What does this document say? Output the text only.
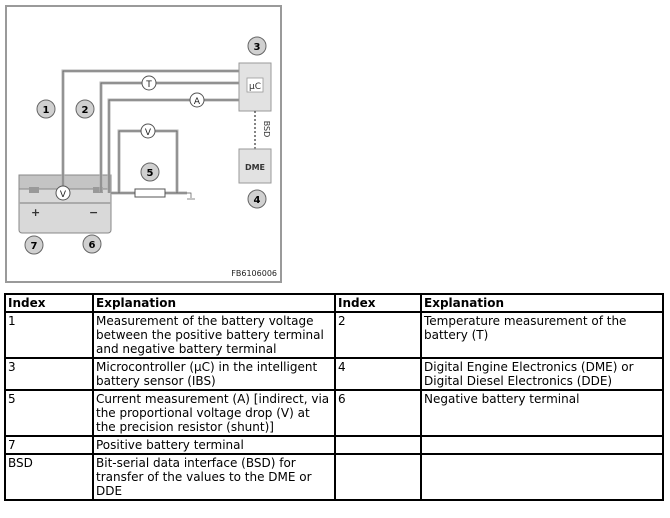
+	−
µC
BSD
DME
T
A
V
V
1	2
3
4
5
6
7
FB6106006
Index	Explanation	Index	Explanation
1	Measurement of the battery voltage between the positive battery terminal and negative battery terminal	2	Temperature measurement of the battery (T)
3	Microcontroller (µC) in the intelligent battery sensor (IBS)	4	Digital Engine Electronics (DME) or Digital Diesel Electronics (DDE)
5	Current measurement (A) [indirect, via the proportional voltage drop (V) at the precision resistor (shunt)]	6	Negative battery terminal
7	Positive battery terminal		
BSD	Bit-serial data interface (BSD) for transfer of the values to the DME or DDE		
